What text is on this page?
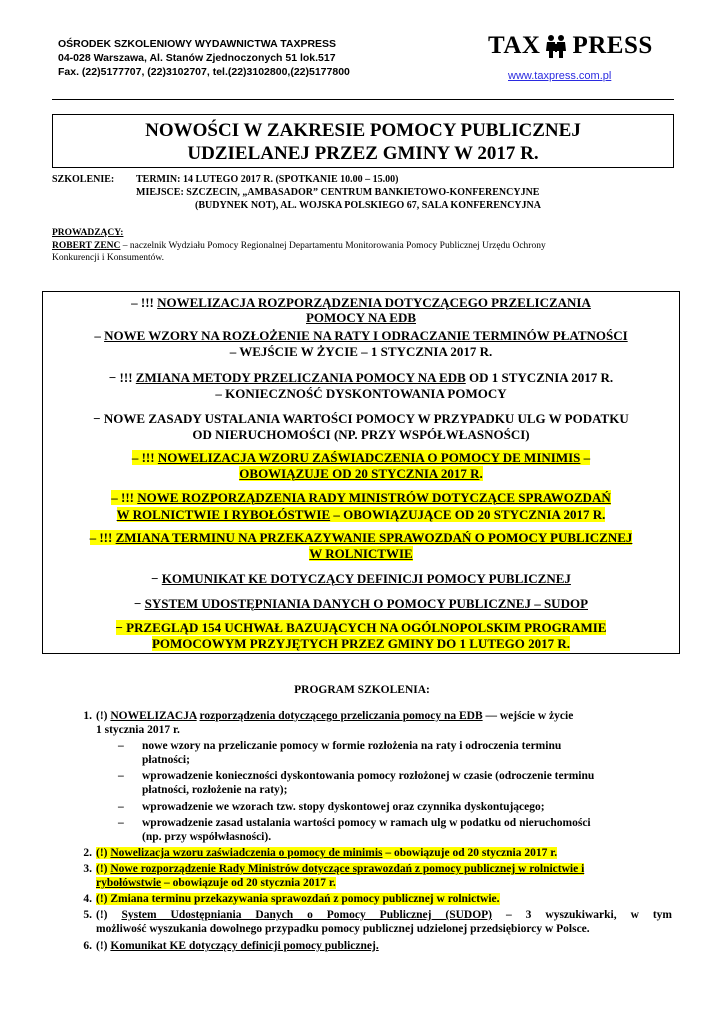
OŚRODEK SZKOLENIOWY WYDAWNICTWA TAXPRESS
04-028 Warszawa, Al. Stanów Zjednoczonych 51 lok.517
Fax. (22)5177707, (22)3102707, tel.(22)3102800,(22)5177800
TAX PRESS
www.taxpress.com.pl
NOWOŚCI W ZAKRESIE POMOCY PUBLICZNEJ
UDZIELANEJ PRZEZ GMINY W 2017 R.
SZKOLENIE: TERMIN: 14 LUTEGO 2017 R. (SPOTKANIE 10.00 – 15.00)
MIEJSCE: SZCZECIN, „AMBASADOR” CENTRUM BANKIETOWO-KONFERENCYJNE
(BUDYNEK NOT), AL. WOJSKA POLSKIEGO 67, SALA KONFERENCYJNA
PROWADZĄCY:
ROBERT ZENC – naczelnik Wydziału Pomocy Regionalnej Departamentu Monitorowania Pomocy Publicznej Urzędu Ochrony
Konkurencji i Konsumentów.
– !!! NOWELIZACJA ROZPORZĄDZENIA DOTYCZĄCEGO PRZELICZANIA
POMOCY NA EDB
– NOWE WZORY NA ROZŁOŻENIE NA RATY I ODRACZANIE TERMINÓW PŁATNOŚCI
– WEJŚCIE W ŻYCIE – 1 STYCZNIA 2017 R.
− !!! ZMIANA METODY PRZELICZANIA POMOCY NA EDB OD 1 STYCZNIA 2017 R.
– KONIECZNOŚĆ DYSKONTOWANIA POMOCY
− NOWE ZASADY USTALANIA WARTOŚCI POMOCY W PRZYPADKU ULG W PODATKU
OD NIERUCHOMOŚCI (NP. PRZY WSPÓŁWŁASNOŚCI)
– !!! NOWELIZACJA WZORU ZAŚWIADCZENIA O POMOCY DE MINIMIS –
OBOWIĄZUJE OD 20 STYCZNIA 2017 R.
– !!! NOWE ROZPORZĄDZENIA RADY MINISTRÓW DOTYCZĄCE SPRAWOZDAŃ
W ROLNICTWIE I RYBOŁÓSTWIE – OBOWIĄZUJĄCE OD 20 STYCZNIA 2017 R.
– !!! ZMIANA TERMINU NA PRZEKAZYWANIE SPRAWOZDAŃ O POMOCY PUBLICZNEJ
W ROLNICTWIE
− KOMUNIKAT KE DOTYCZĄCY DEFINICJI POMOCY PUBLICZNEJ
− SYSTEM UDOSTĘPNIANIA DANYCH O POMOCY PUBLICZNEJ – SUDOP
− PRZEGLĄD 154 UCHWAŁ BAZUJĄCYCH NA OGÓLNOPOLSKIM PROGRAMIE
POMOCOWYM PRZYJĘTYCH PRZEZ GMINY DO 1 LUTEGO 2017 R.
PROGRAM SZKOLENIA:
1. (!) NOWELIZACJA rozporządzenia dotyczącego przeliczania pomocy na EDB — wejście w życie
1 stycznia 2017 r.
– nowe wzory na przeliczanie pomocy w formie rozłożenia na raty i odroczenia terminu
płatności;
– wprowadzenie konieczności dyskontowania pomocy rozłożonej w czasie (odroczenie terminu
płatności, rozłożenie na raty);
– wprowadzenie we wzorach tzw. stopy dyskontowej oraz czynnika dyskontującego;
– wprowadzenie zasad ustalania wartości pomocy w ramach ulg w podatku od nieruchomości
(np. przy współwłasności).
2. (!) Nowelizacja wzoru zaświadczenia o pomocy de minimis – obowiązuje od 20 stycznia 2017 r.
3. (!) Nowe rozporządzenie Rady Ministrów dotyczące sprawozdań z pomocy publicznej w rolnictwie i
rybołówstwie – obowiązuje od 20 stycznia 2017 r.
4. (!) Zmiana terminu przekazywania sprawozdań z pomocy publicznej w rolnictwie.
5. (!) System Udostępniania Danych o Pomocy Publicznej (SUDOP) – 3 wyszukiwarki, w tym
możliwość wyszukania dowolnego przypadku pomocy publicznej udzielonej przedsiębiorcy w Polsce.
6. (!) Komunikat KE dotyczący definicji pomocy publicznej.
